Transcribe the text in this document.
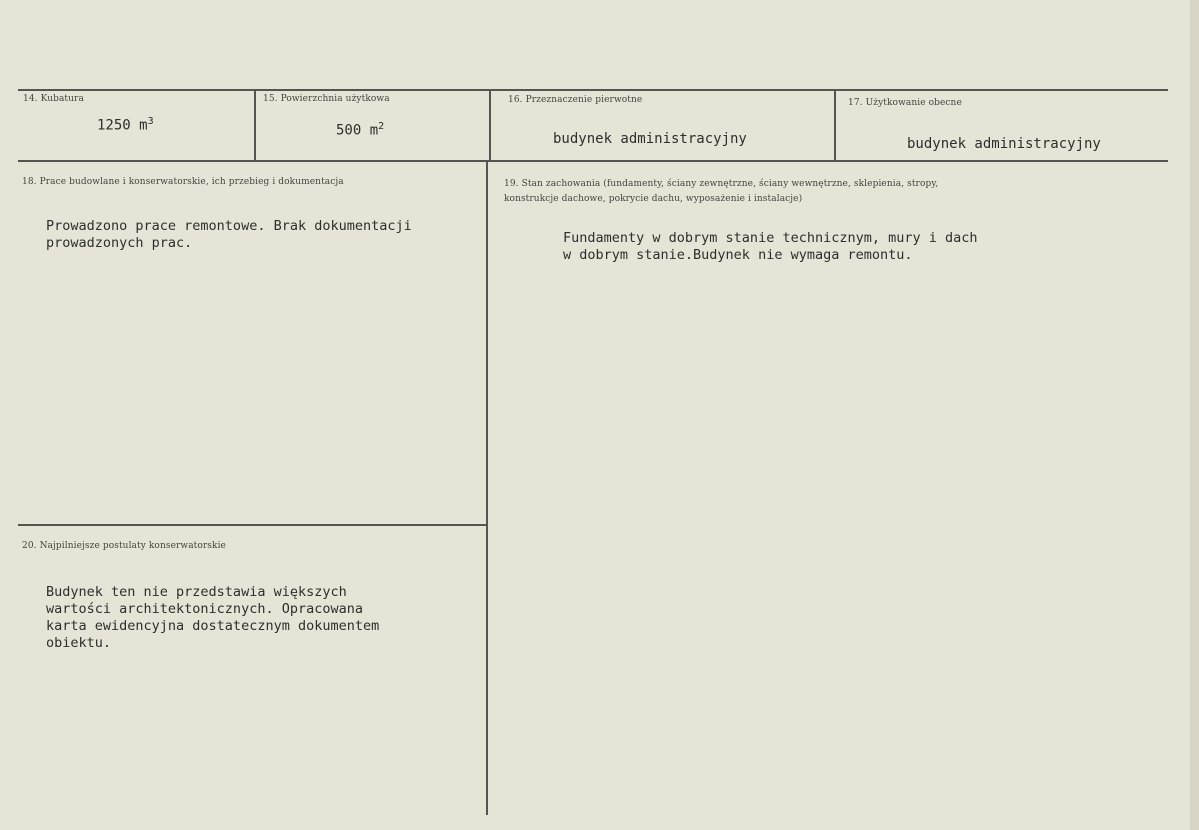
14. Kubatura
1250 $m^3$
15. Powierzchnia użytkowa
500 $m^2$
16. Przeznaczenie pierwotne
budynek administracyjny
17. Użytkowanie obecne
budynek administracyjny
18. Prace budowlane i konserwatorskie, ich przebieg i dokumentacja
Prowadzono prace remontowe. Brak dokumentacji
prowadzonych prac.
19. Stan zachowania (fundamenty, ściany zewnętrzne, ściany wewnętrzne, sklepienia, stropy,
konstrukcje dachowe, pokrycie dachu, wyposażenie i instalacje)
Fundamenty w dobrym stanie technicznym, mury i dach
w dobrym stanie.Budynek nie wymaga remontu.
20. Najpilniejsze postulaty konserwatorskie
Budynek ten nie przedstawia większych
wartości architektonicznych. Opracowana
karta ewidencyjna dostatecznym dokumentem
obiektu.
